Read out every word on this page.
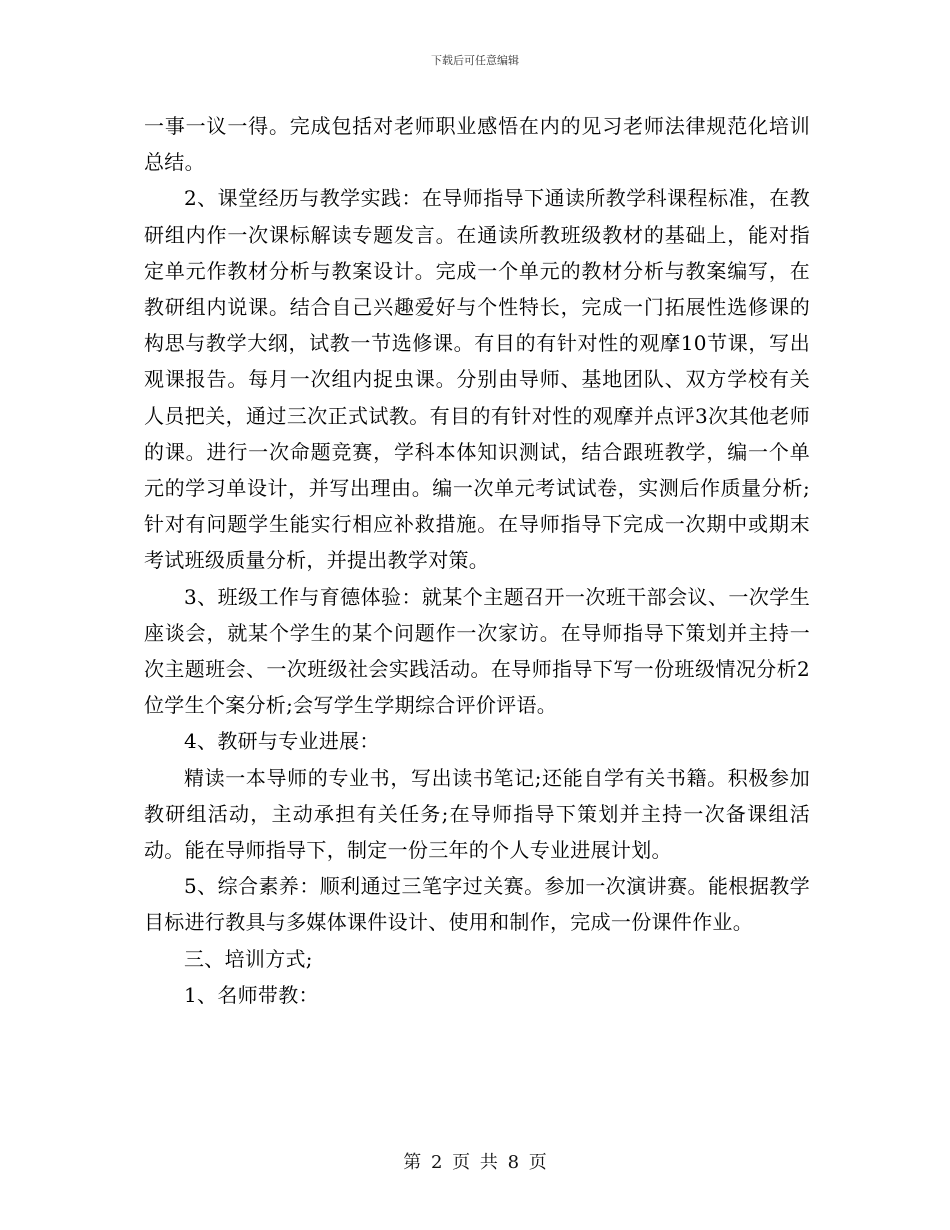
下载后可任意编辑

一事一议一得。完成包括对老师职业感悟在内的见习老师法律规范化培训总结。

2、课堂经历与教学实践：在导师指导下通读所教学科课程标准，在教研组内作一次课标解读专题发言。在通读所教班级教材的基础上，能对指定单元作教材分析与教案设计。完成一个单元的教材分析与教案编写，在教研组内说课。结合自己兴趣爱好与个性特长，完成一门拓展性选修课的构思与教学大纲，试教一节选修课。有目的有针对性的观摩10节课，写出观课报告。每月一次组内捉虫课。分别由导师、基地团队、双方学校有关人员把关，通过三次正式试教。有目的有针对性的观摩并点评3次其他老师的课。进行一次命题竞赛，学科本体知识测试，结合跟班教学，编一个单元的学习单设计，并写出理由。编一次单元考试试卷，实测后作质量分析;针对有问题学生能实行相应补救措施。在导师指导下完成一次期中或期末考试班级质量分析，并提出教学对策。

3、班级工作与育德体验：就某个主题召开一次班干部会议、一次学生座谈会，就某个学生的某个问题作一次家访。在导师指导下策划并主持一次主题班会、一次班级社会实践活动。在导师指导下写一份班级情况分析2位学生个案分析;会写学生学期综合评价评语。

4、教研与专业进展：

精读一本导师的专业书，写出读书笔记;还能自学有关书籍。积极参加教研组活动，主动承担有关任务;在导师指导下策划并主持一次备课组活动。能在导师指导下，制定一份三年的个人专业进展计划。

5、综合素养：顺利通过三笔字过关赛。参加一次演讲赛。能根据教学目标进行教具与多媒体课件设计、使用和制作，完成一份课件作业。

三、培训方式;

1、名师带教：

第 2 页 共 8 页
